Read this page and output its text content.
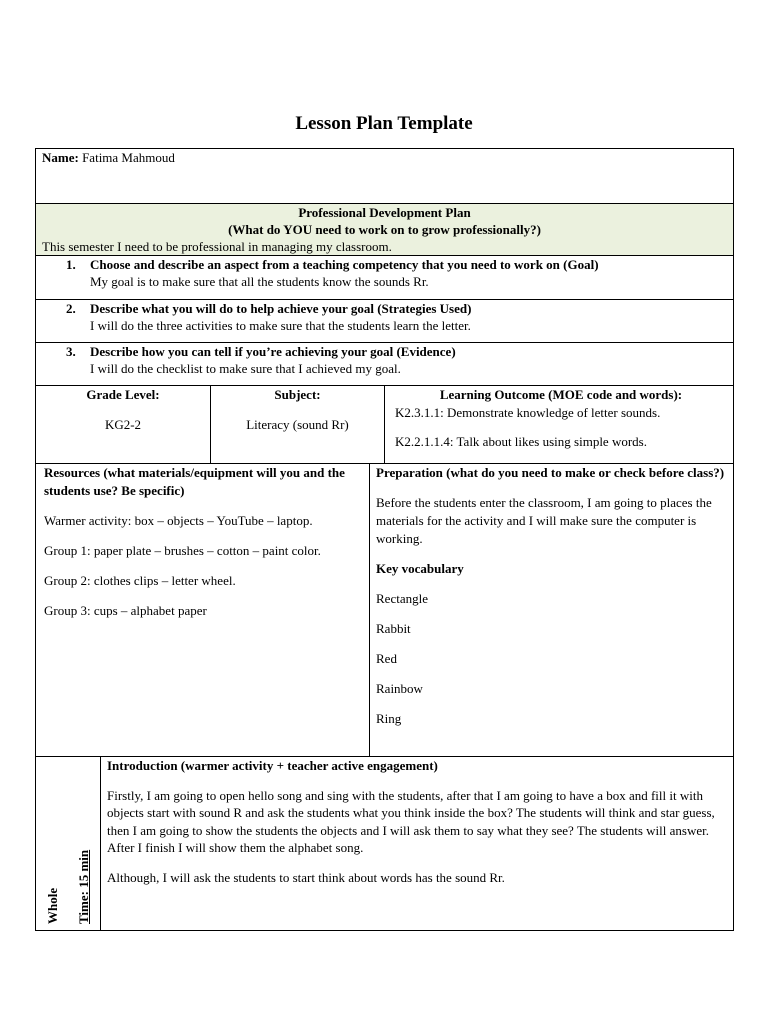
Lesson Plan Template
Name: Fatima Mahmoud
Professional Development Plan
(What do YOU need to work on to grow professionally?)
This semester I need to be professional in managing my classroom.
1. Choose and describe an aspect from a teaching competency that you need to work on (Goal)
My goal is to make sure that all the students know the sounds Rr.
2. Describe what you will do to help achieve your goal (Strategies Used)
I will do the three activities to make sure that the students learn the letter.
3. Describe how you can tell if you’re achieving your goal (Evidence)
I will do the checklist to make sure that I achieved my goal.
Grade Level:
KG2-2
Subject:
Literacy (sound Rr)
Learning Outcome (MOE code and words):
K2.3.1.1: Demonstrate knowledge of letter sounds.
K2.2.1.1.4: Talk about likes using simple words.
Resources (what materials/equipment will you and the students use? Be specific)

Warmer activity: box – objects – YouTube – laptop.

Group 1: paper plate – brushes – cotton – paint color.

Group 2: clothes clips – letter wheel.

Group 3: cups – alphabet paper

Preparation (what do you need to make or check before class?)

Before the students enter the classroom, I am going to places the materials for the activity and I will make sure the computer is working.

Key vocabulary

Rectangle

Rabbit

Red

Rainbow

Ring

Whole Time: 15 min
Introduction (warmer activity + teacher active engagement)

Firstly, I am going to open hello song and sing with the students, after that I am going to have a box and fill it with objects start with sound R and ask the students what you think inside the box? The students will think and star guess, then I am going to show the students the objects and I will ask them to say what they see? The students will answer. After I finish I will show them the alphabet song.

Although, I will ask the students to start think about words has the sound Rr.
